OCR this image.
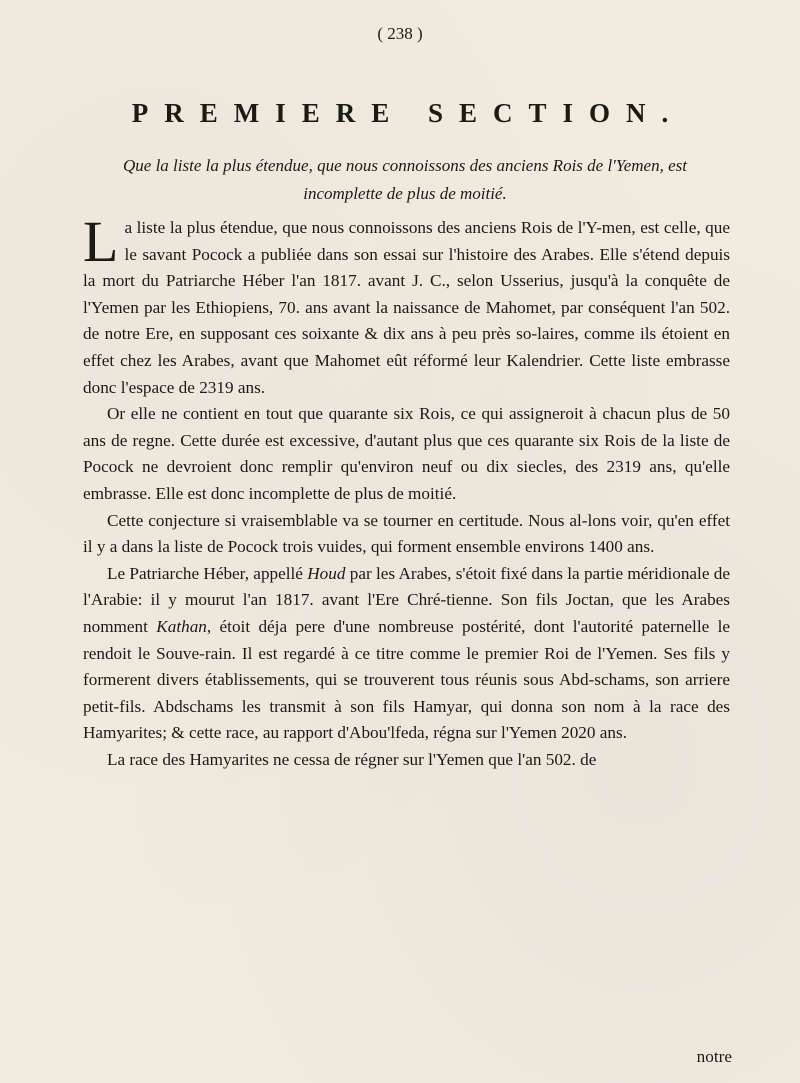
( 238 )
PREMIERE SECTION.
Que la liste la plus étendue, que nous connoissons des anciens Rois de l'Yemen, est incomplette de plus de moitié.

La liste la plus étendue, que nous connoissons des anciens Rois de l'Y-men, est celle, que le savant Pocock a publiée dans son essai sur l'histoire des Arabes. Elle s'étend depuis la mort du Patriarche Héber l'an 1817. avant J. C., selon Usserius, jusqu'à la conquête de l'Yemen par les Ethiopiens, 70. ans avant la naissance de Mahomet, par conséquent l'an 502. de notre Ere, en supposant ces soixante & dix ans à peu près so-laires, comme ils étoient en effet chez les Arabes, avant que Mahomet eût réformé leur Kalendrier. Cette liste embrasse donc l'espace de 2319 ans.

Or elle ne contient en tout que quarante six Rois, ce qui assigneroit à chacun plus de 50 ans de regne. Cette durée est excessive, d'autant plus que ces quarante six Rois de la liste de Pocock ne devroient donc remplir qu'environ neuf ou dix siecles, des 2319 ans, qu'elle embrasse. Elle est donc incomplette de plus de moitié.

Cette conjecture si vraisemblable va se tourner en certitude. Nous al-lons voir, qu'en effet il y a dans la liste de Pocock trois vuides, qui forment ensemble environs 1400 ans.

Le Patriarche Héber, appellé Houd par les Arabes, s'étoit fixé dans la partie méridionale de l'Arabie: il y mourut l'an 1817. avant l'Ere Chré-tienne. Son fils Joctan, que les Arabes nomment Kathan, étoit déja pere d'une nombreuse postérité, dont l'autorité paternelle le rendoit le Souve-rain. Il est regardé à ce titre comme le premier Roi de l'Yemen. Ses fils y formerent divers établissements, qui se trouverent tous réunis sous Abd-schams, son arriere petit-fils. Abdschams les transmit à son fils Hamyar, qui donna son nom à la race des Hamyarites; & cette race, au rapport d'Abou'lfeda, régna sur l'Yemen 2020 ans.

La race des Hamyarites ne cessa de régner sur l'Yemen que l'an 502. de

notre
